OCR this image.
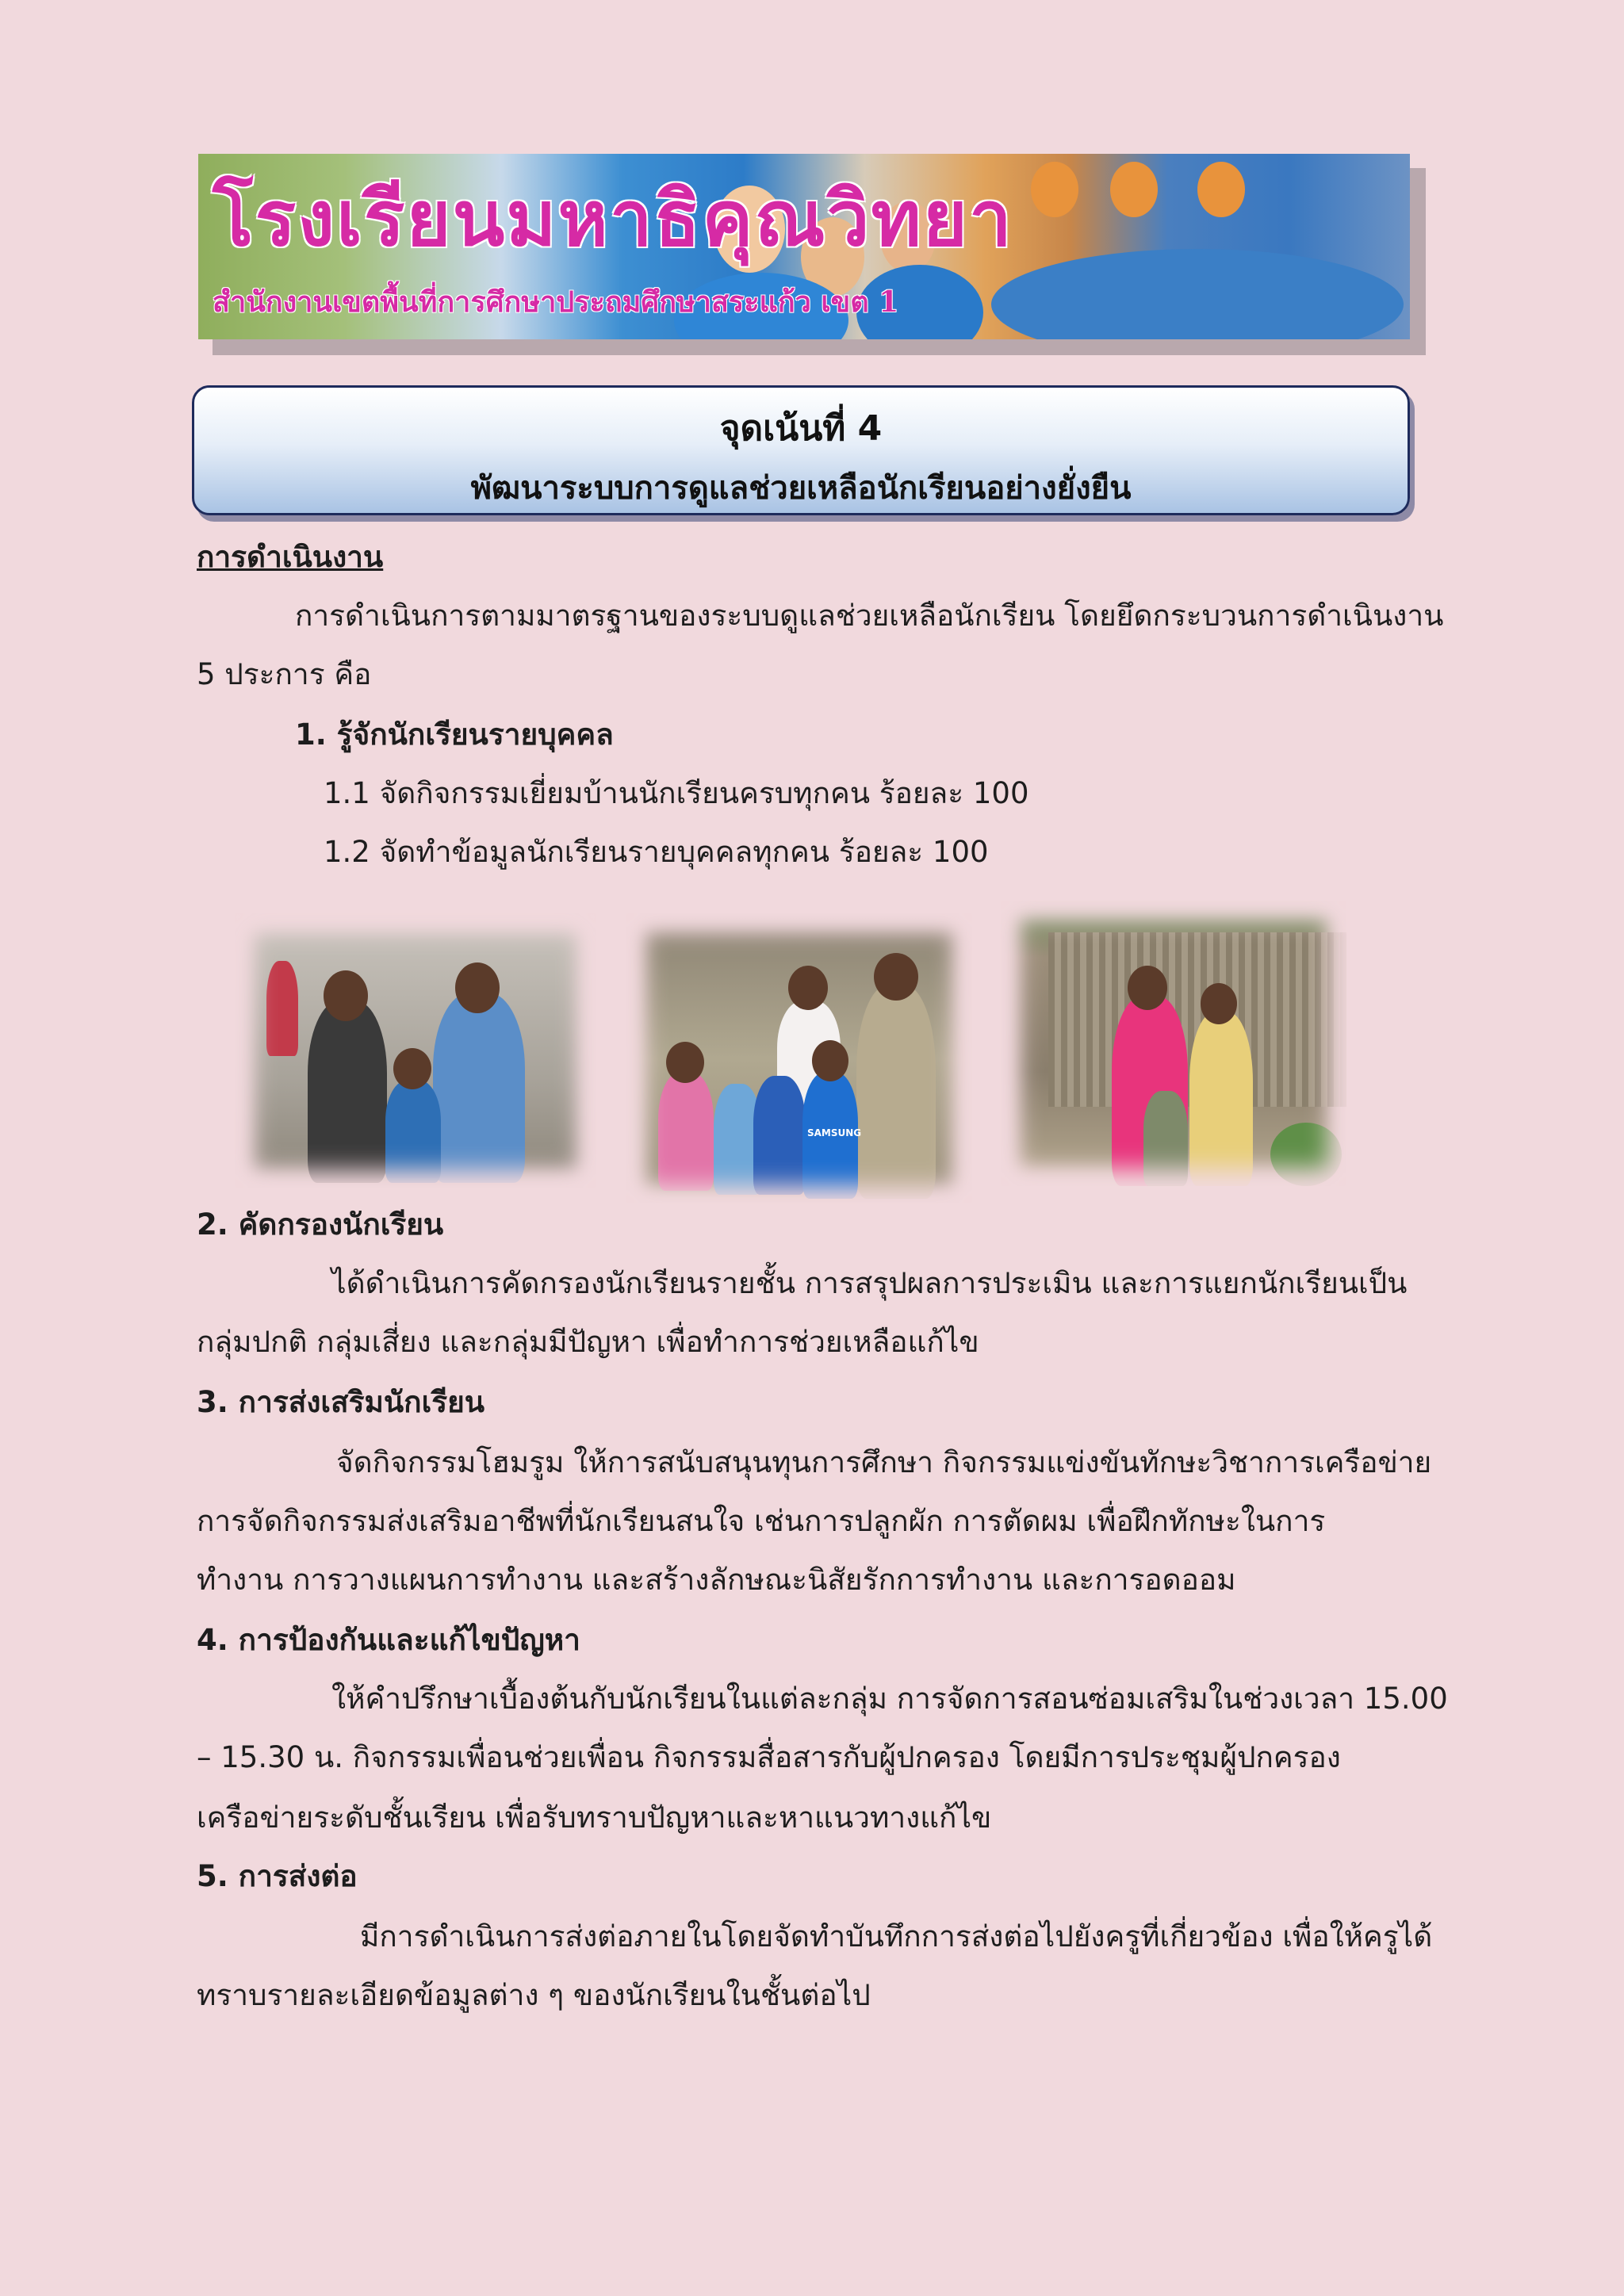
โรงเรียนมหาธิคุณวิทยา
สำนักงานเขตพื้นที่การศึกษาประถมศึกษาสระแก้ว เขต 1
จุดเน้นที่ 4
พัฒนาระบบการดูแลช่วยเหลือนักเรียนอย่างยั่งยืน
การดำเนินงาน
การดำเนินการตามมาตรฐานของระบบดูแลช่วยเหลือนักเรียน โดยยึดกระบวนการดำเนินงาน
5 ประการ คือ
1. รู้จักนักเรียนรายบุคคล
1.1 จัดกิจกรรมเยี่ยมบ้านนักเรียนครบทุกคน ร้อยละ 100
1.2 จัดทำข้อมูลนักเรียนรายบุคคลทุกคน ร้อยละ 100
SAMSUNG
2. คัดกรองนักเรียน
ได้ดำเนินการคัดกรองนักเรียนรายชั้น การสรุปผลการประเมิน และการแยกนักเรียนเป็น
กลุ่มปกติ กลุ่มเสี่ยง และกลุ่มมีปัญหา เพื่อทำการช่วยเหลือแก้ไข
3. การส่งเสริมนักเรียน
จัดกิจกรรมโฮมรูม ให้การสนับสนุนทุนการศึกษา กิจกรรมแข่งขันทักษะวิชาการเครือข่าย
การจัดกิจกรรมส่งเสริมอาชีพที่นักเรียนสนใจ เช่นการปลูกผัก การตัดผม เพื่อฝึกทักษะในการ
ทำงาน การวางแผนการทำงาน และสร้างลักษณะนิสัยรักการทำงาน และการอดออม
4. การป้องกันและแก้ไขปัญหา
ให้คำปรึกษาเบื้องต้นกับนักเรียนในแต่ละกลุ่ม การจัดการสอนซ่อมเสริมในช่วงเวลา 15.00
– 15.30 น. กิจกรรมเพื่อนช่วยเพื่อน กิจกรรมสื่อสารกับผู้ปกครอง โดยมีการประชุมผู้ปกครอง
เครือข่ายระดับชั้นเรียน เพื่อรับทราบปัญหาและหาแนวทางแก้ไข
5. การส่งต่อ
มีการดำเนินการส่งต่อภายในโดยจัดทำบันทึกการส่งต่อไปยังครูที่เกี่ยวข้อง เพื่อให้ครูได้
ทราบรายละเอียดข้อมูลต่าง ๆ ของนักเรียนในชั้นต่อไป
